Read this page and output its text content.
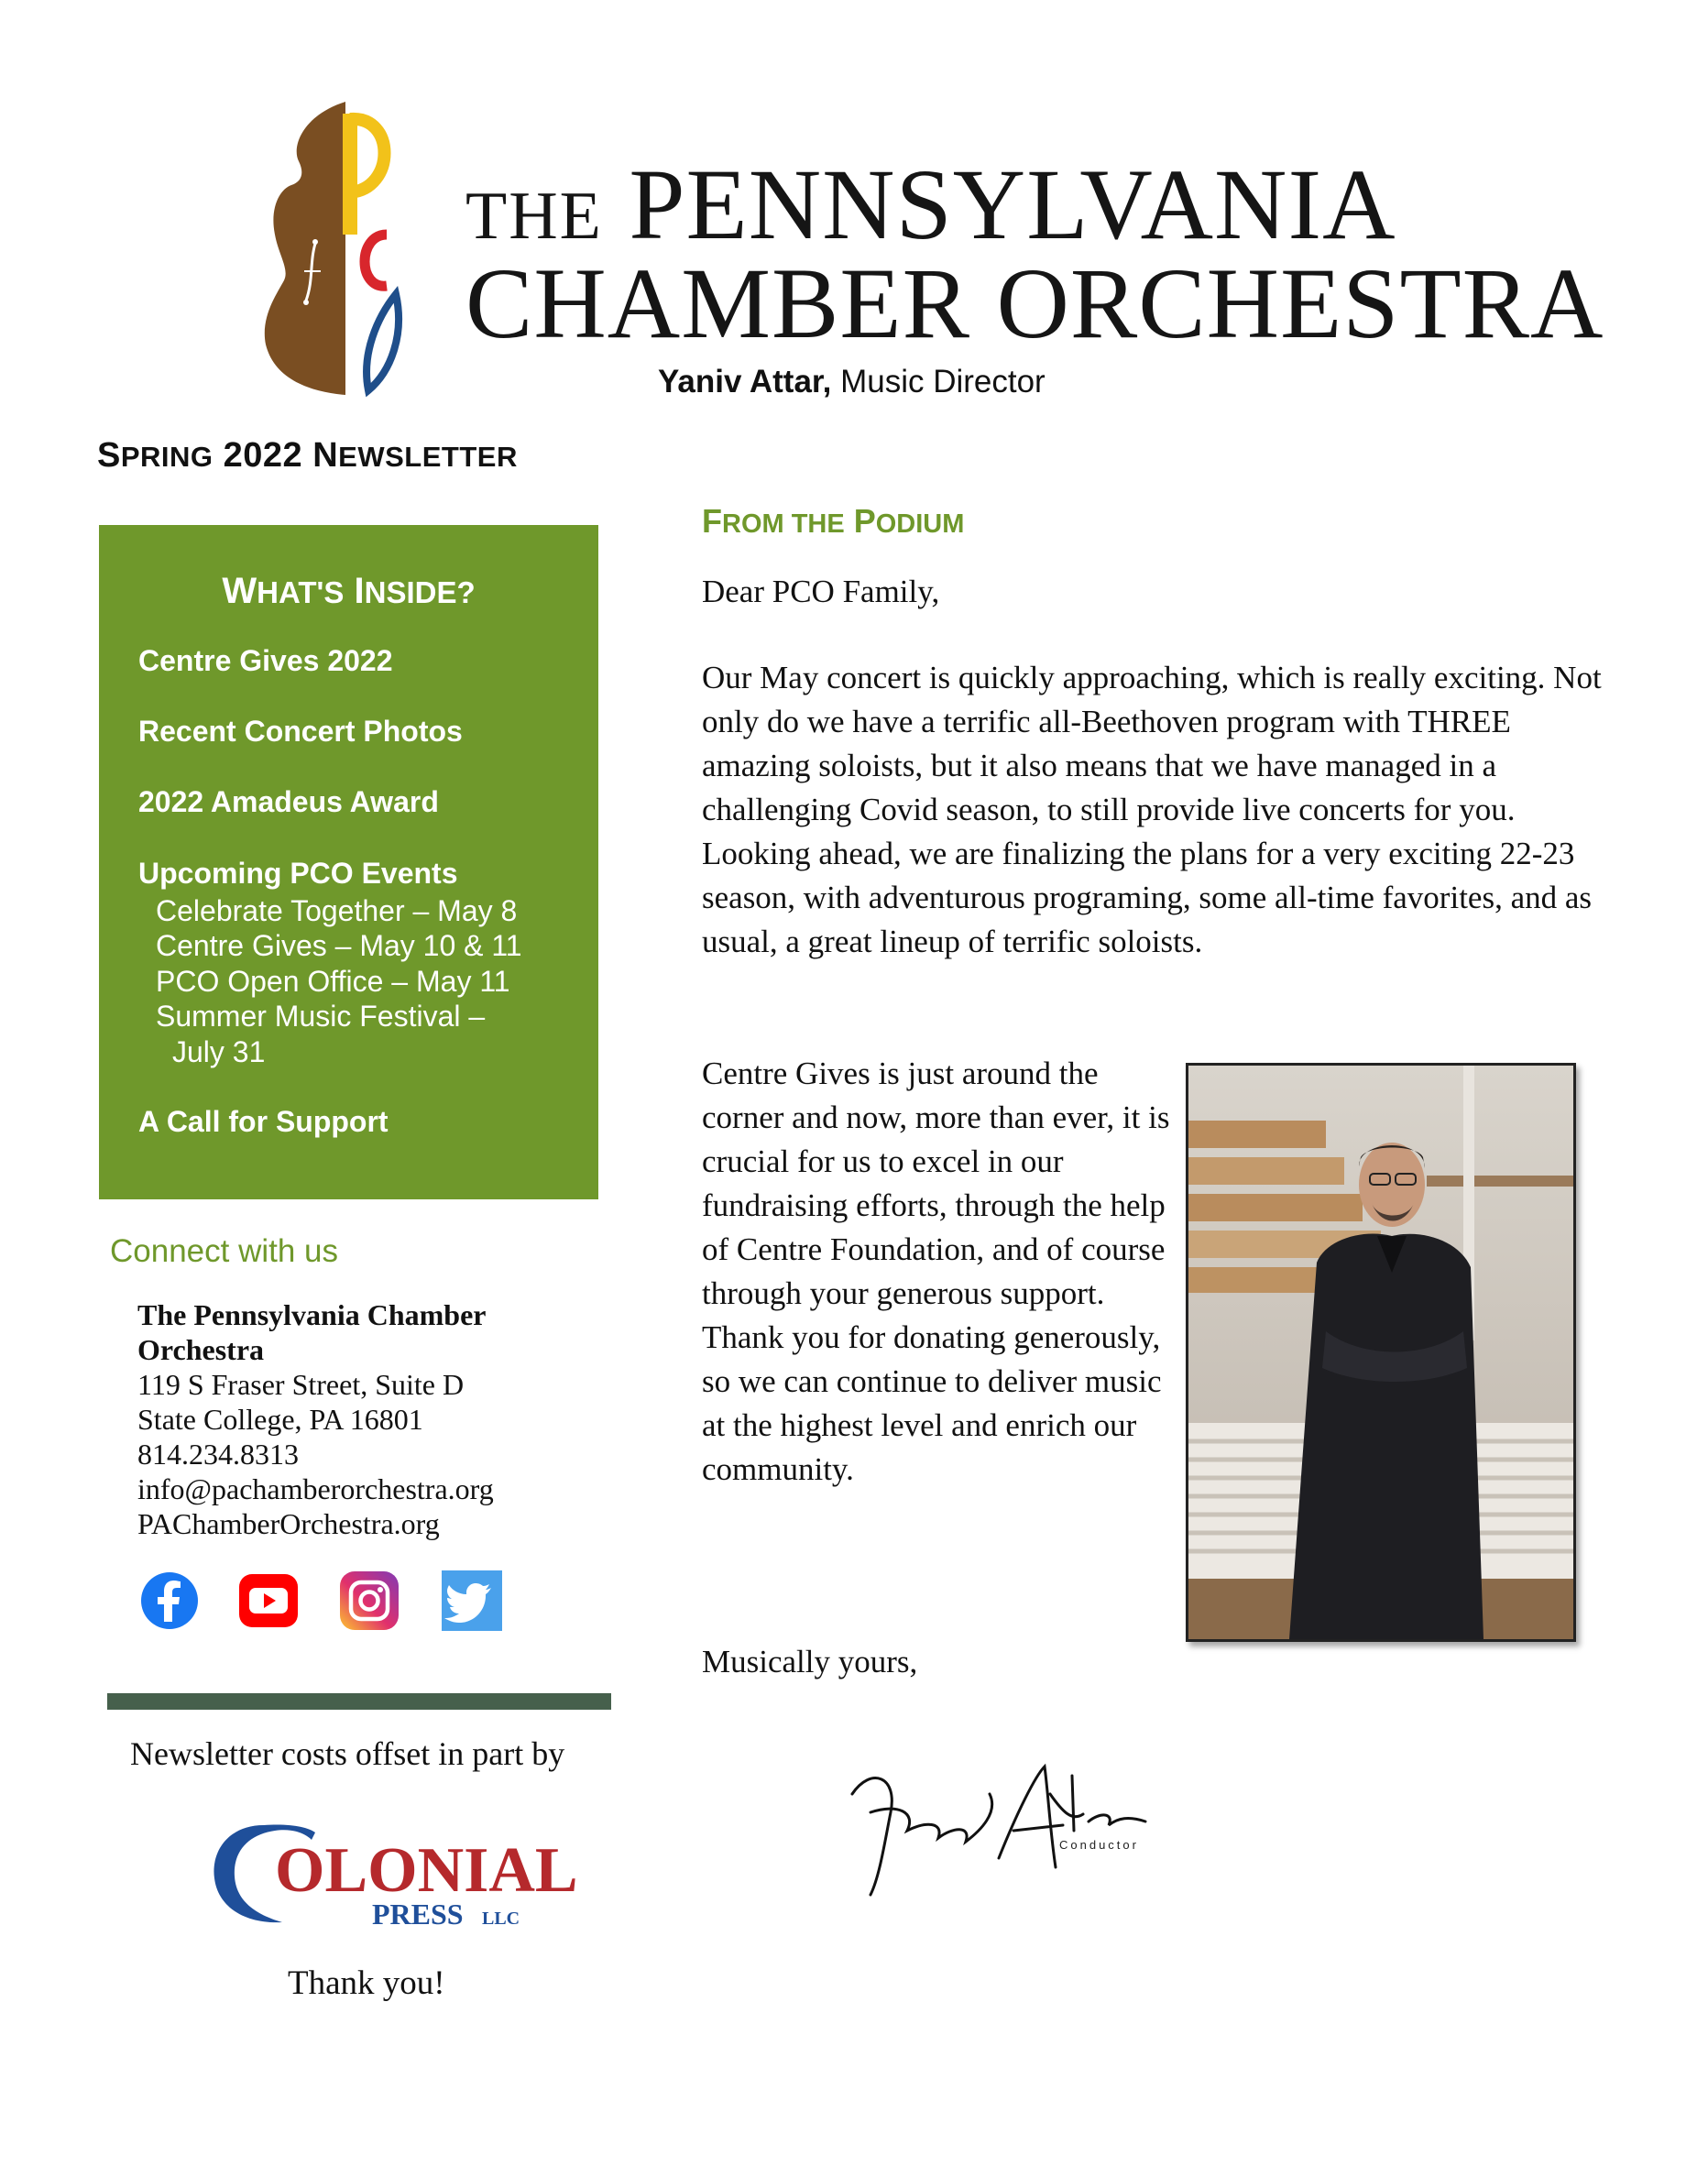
THE PENNSYLVANIA
CHAMBER ORCHESTRA
Yaniv Attar, Music Director
SPRING 2022 NEWSLETTER
WHAT'S INSIDE?
Centre Gives 2022
Recent Concert Photos
2022 Amadeus Award
Upcoming PCO Events
Celebrate Together – May 8
Centre Gives – May 10 & 11
PCO Open Office – May 11
Summer Music Festival –
July 31
A Call for Support
Connect with us
The Pennsylvania Chamber
Orchestra
119 S Fraser Street, Suite D
State College, PA 16801
814.234.8313
info@pachamberorchestra.org
PAChamberOrchestra.org
Newsletter costs offset in part by
OLONIAL
PRESS LLC
Thank you!
FROM THE PODIUM
Dear PCO Family,
Our May concert is quickly approaching, which is really exciting. Not only do we have a terrific all-Beethoven program with THREE amazing soloists, but it also means that we have managed in a challenging Covid season, to still provide live concerts for you. Looking ahead, we are finalizing the plans for a very exciting 22-23 season, with adventurous programing, some all-time favorites, and as usual, a great lineup of terrific soloists.
Centre Gives is just around the corner and now, more than ever, it is crucial for us to excel in our fundraising efforts, through the help of Centre Foundation, and of course through your generous support. Thank you for donating generously, so we can continue to deliver music at the highest level and enrich our community.
Musically yours,
Conductor
